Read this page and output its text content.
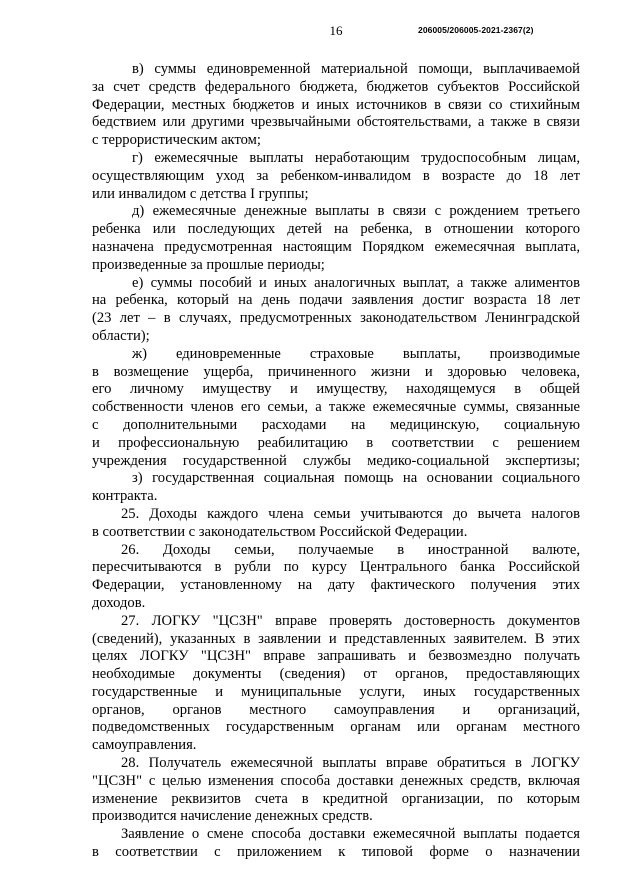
16	206005/206005-2021-2367(2)
в) суммы единовременной материальной помощи, выплачиваемой
за счет средств федерального бюджета, бюджетов субъектов Российской
Федерации, местных бюджетов и иных источников в связи со стихийным
бедствием или другими чрезвычайными обстоятельствами, а также в связи
с террористическим актом;
г) ежемесячные выплаты неработающим трудоспособным лицам,
осуществляющим уход за ребенком-инвалидом в возрасте до 18 лет
или инвалидом с детства I группы;
д) ежемесячные денежные выплаты в связи с рождением третьего
ребенка или последующих детей на ребенка, в отношении которого
назначена предусмотренная настоящим Порядком ежемесячная выплата,
произведенные за прошлые периоды;
е) суммы пособий и иных аналогичных выплат, а также алиментов
на ребенка, который на день подачи заявления достиг возраста 18 лет
(23 лет – в случаях, предусмотренных законодательством Ленинградской
области);
ж) единовременные страховые выплаты, производимые
в возмещение ущерба, причиненного жизни и здоровью человека,
его личному имуществу и имуществу, находящемуся в общей
собственности членов его семьи, а также ежемесячные суммы, связанные
с дополнительными расходами на медицинскую, социальную
и профессиональную реабилитацию в соответствии с решением
учреждения государственной службы медико-социальной экспертизы;
з) государственная социальная помощь на основании социального
контракта.
25. Доходы каждого члена семьи учитываются до вычета налогов
в соответствии с законодательством Российской Федерации.
26. Доходы семьи, получаемые в иностранной валюте,
пересчитываются в рубли по курсу Центрального банка Российской
Федерации, установленному на дату фактического получения этих
доходов.
27. ЛОГКУ "ЦСЗН" вправе проверять достоверность документов
(сведений), указанных в заявлении и представленных заявителем. В этих
целях ЛОГКУ "ЦСЗН" вправе запрашивать и безвозмездно получать
необходимые документы (сведения) от органов, предоставляющих
государственные и муниципальные услуги, иных государственных
органов, органов местного самоуправления и организаций,
подведомственных государственным органам или органам местного
самоуправления.
28. Получатель ежемесячной выплаты вправе обратиться в ЛОГКУ
"ЦСЗН" с целью изменения способа доставки денежных средств, включая
изменение реквизитов счета в кредитной организации, по которым
производится начисление денежных средств.
Заявление о смене способа доставки ежемесячной выплаты подается
в соответствии с приложением к типовой форме о назначении
